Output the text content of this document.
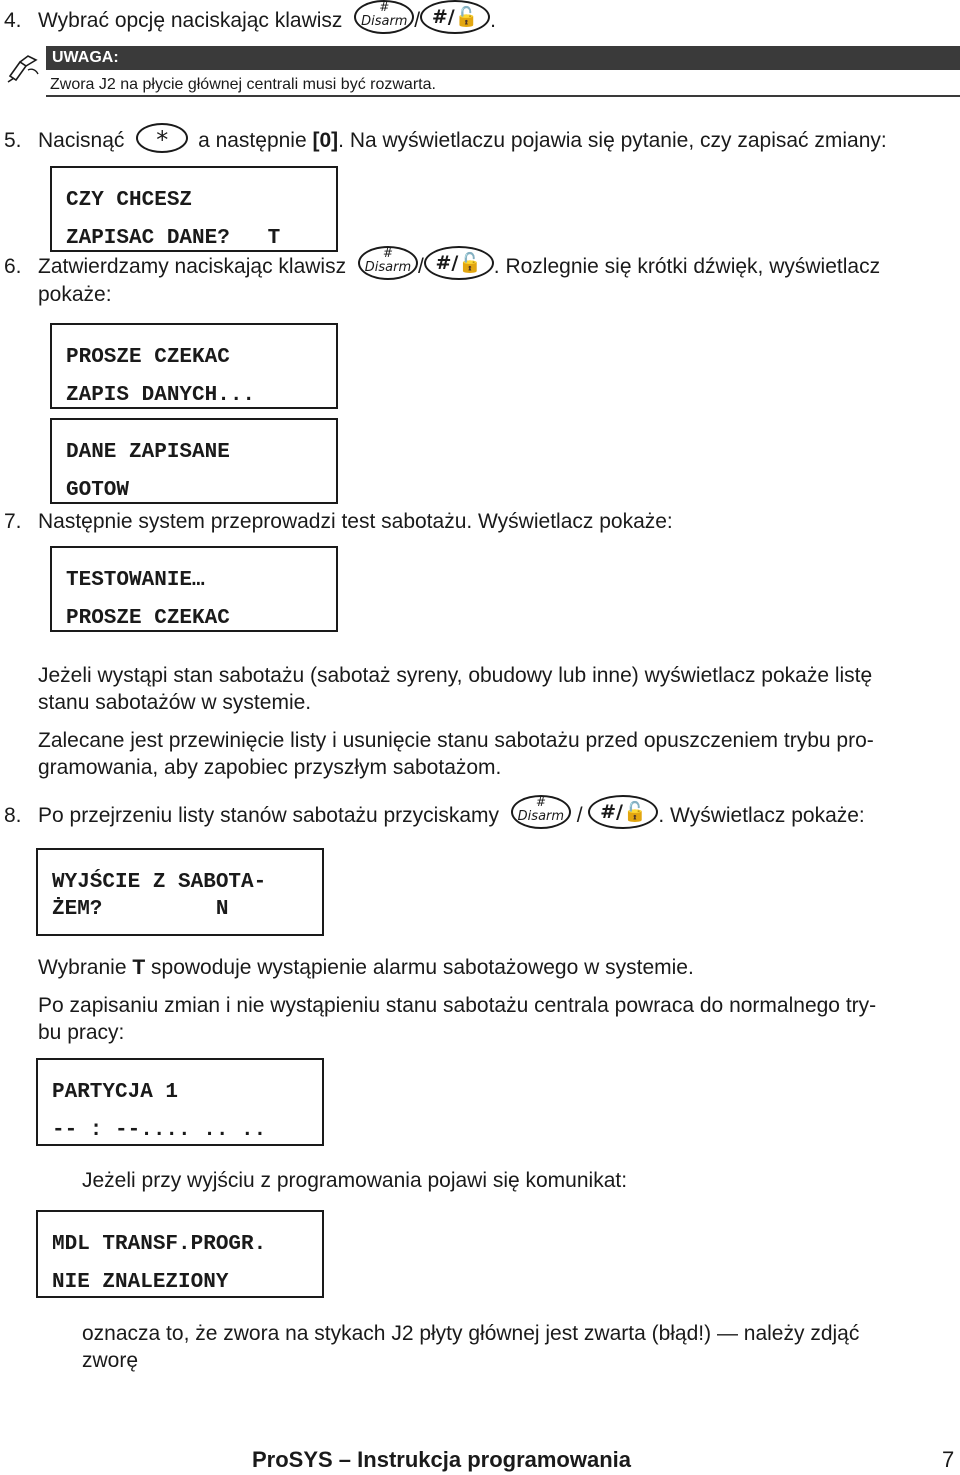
4. Wybrać opcję naciskając klawisz
#
Disarm / #/🔓 .
UWAGA:
Zwora J2 na płycie głównej centrali musi być rozwarta.
5. Nacisnąć	*	a następnie [0]. Na wyświetlaczu pojawia się pytanie, czy zapisać zmiany:
CZY CHCESZ
ZAPISAC DANE?   T
6. Zatwierdzamy naciskając klawisz
#
Disarm / #/🔓 . Rozlegnie się krótki dźwięk, wyświetlacz
pokaże:
PROSZE CZEKAC
ZAPIS DANYCH...
DANE ZAPISANE
GOTOW
7. Następnie system przeprowadzi test sabotażu. Wyświetlacz pokaże:
TESTOWANIE…
PROSZE CZEKAC
Jeżeli wystąpi stan sabotażu (sabotaż syreny, obudowy lub inne) wyświetlacz pokaże listę
stanu sabotażów w systemie.
Zalecane jest przewinięcie listy i usunięcie stanu sabotażu przed opuszczeniem trybu pro-
gramowania, aby zapobiec przyszłym sabotażom.
8. Po przejrzeniu listy stanów sabotażu przyciskamy
#
Disarm / #/🔓 . Wyświetlacz pokaże:
WYJŚCIE Z SABOTA-
ŻEM?         N
Wybranie T spowoduje wystąpienie alarmu sabotażowego w systemie.
Po zapisaniu zmian i nie wystąpieniu stanu sabotażu centrala powraca do normalnego try-
bu pracy:
PARTYCJA 1
-- : --.... .. ..
Jeżeli przy wyjściu z programowania pojawi się komunikat:
MDL TRANSF.PROGR.
NIE ZNALEZIONY
oznacza to, że zwora na stykach J2 płyty głównej jest zwarta (błąd!) — należy zdjąć
zworę
ProSYS – Instrukcja programowania	7
